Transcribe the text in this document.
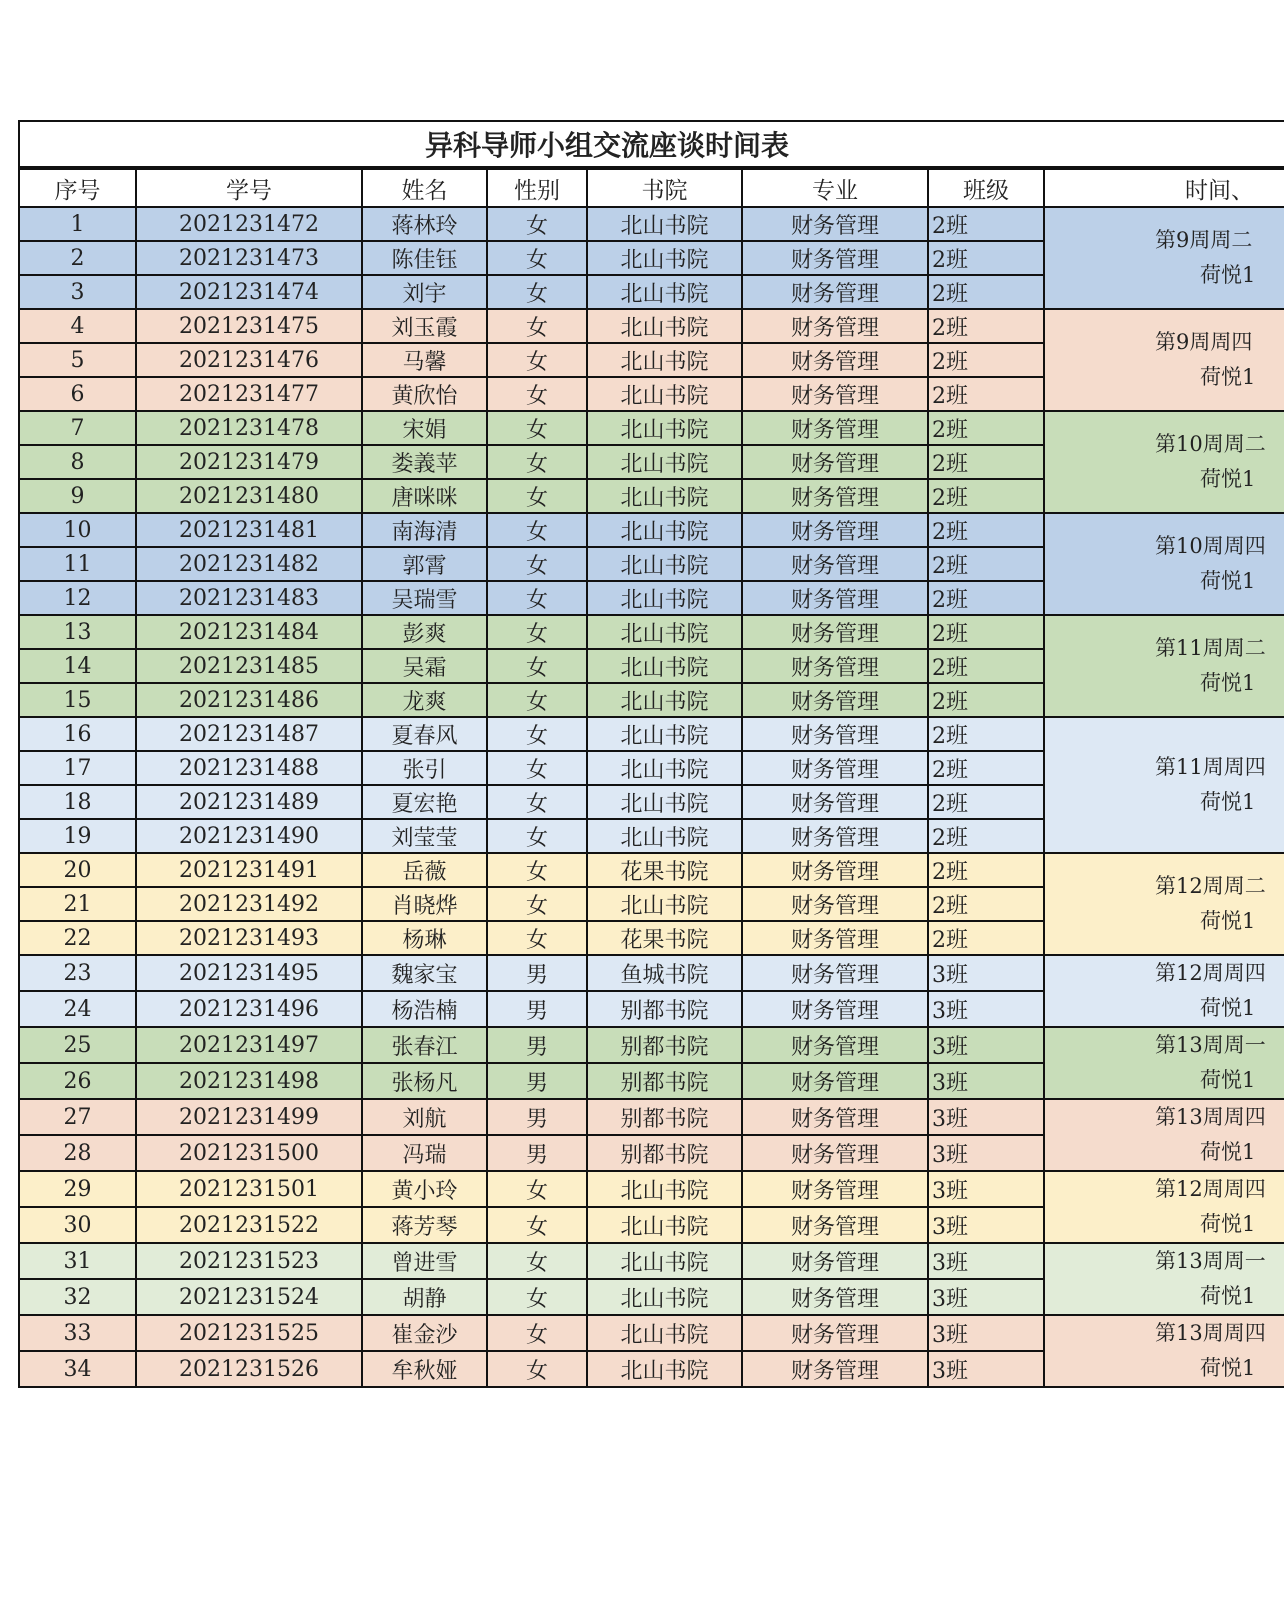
异科导师小组交流座谈时间表
序号	学号	姓名	性别	书院	专业	班级	时间、
1	2021231472	蒋林玲	女	北山书院	财务管理	2班	第9周周二
荷悦1

2	2021231473	陈佳钰	女	北山书院	财务管理	2班	
3	2021231474	刘宇	女	北山书院	财务管理	2班	
4	2021231475	刘玉霞	女	北山书院	财务管理	2班	第9周周四
荷悦1

5	2021231476	马馨	女	北山书院	财务管理	2班	
6	2021231477	黄欣怡	女	北山书院	财务管理	2班	
7	2021231478	宋娟	女	北山书院	财务管理	2班	第10周周二
荷悦1

8	2021231479	娄義苹	女	北山书院	财务管理	2班	
9	2021231480	唐咪咪	女	北山书院	财务管理	2班	
10	2021231481	南海清	女	北山书院	财务管理	2班	第10周周四
荷悦1

11	2021231482	郭霄	女	北山书院	财务管理	2班	
12	2021231483	吴瑞雪	女	北山书院	财务管理	2班	
13	2021231484	彭爽	女	北山书院	财务管理	2班	第11周周二
荷悦1

14	2021231485	吴霜	女	北山书院	财务管理	2班	
15	2021231486	龙爽	女	北山书院	财务管理	2班	
16	2021231487	夏春风	女	北山书院	财务管理	2班	第11周周四
荷悦1

17	2021231488	张引	女	北山书院	财务管理	2班	
18	2021231489	夏宏艳	女	北山书院	财务管理	2班	
19	2021231490	刘莹莹	女	北山书院	财务管理	2班	
20	2021231491	岳薇	女	花果书院	财务管理	2班	第12周周二
荷悦1

21	2021231492	肖晓烨	女	北山书院	财务管理	2班	
22	2021231493	杨琳	女	花果书院	财务管理	2班	
23	2021231495	魏家宝	男	鱼城书院	财务管理	3班	第12周周四
荷悦1

24	2021231496	杨浩楠	男	别都书院	财务管理	3班	
25	2021231497	张春江	男	别都书院	财务管理	3班	第13周周一
荷悦1

26	2021231498	张杨凡	男	别都书院	财务管理	3班	
27	2021231499	刘航	男	别都书院	财务管理	3班	第13周周四
荷悦1

28	2021231500	冯瑞	男	别都书院	财务管理	3班	
29	2021231501	黄小玲	女	北山书院	财务管理	3班	第12周周四
荷悦1

30	2021231522	蒋芳琴	女	北山书院	财务管理	3班	
31	2021231523	曾进雪	女	北山书院	财务管理	3班	第13周周一
荷悦1

32	2021231524	胡静	女	北山书院	财务管理	3班	
33	2021231525	崔金沙	女	北山书院	财务管理	3班	第13周周四
荷悦1

34	2021231526	牟秋娅	女	北山书院	财务管理	3班	
